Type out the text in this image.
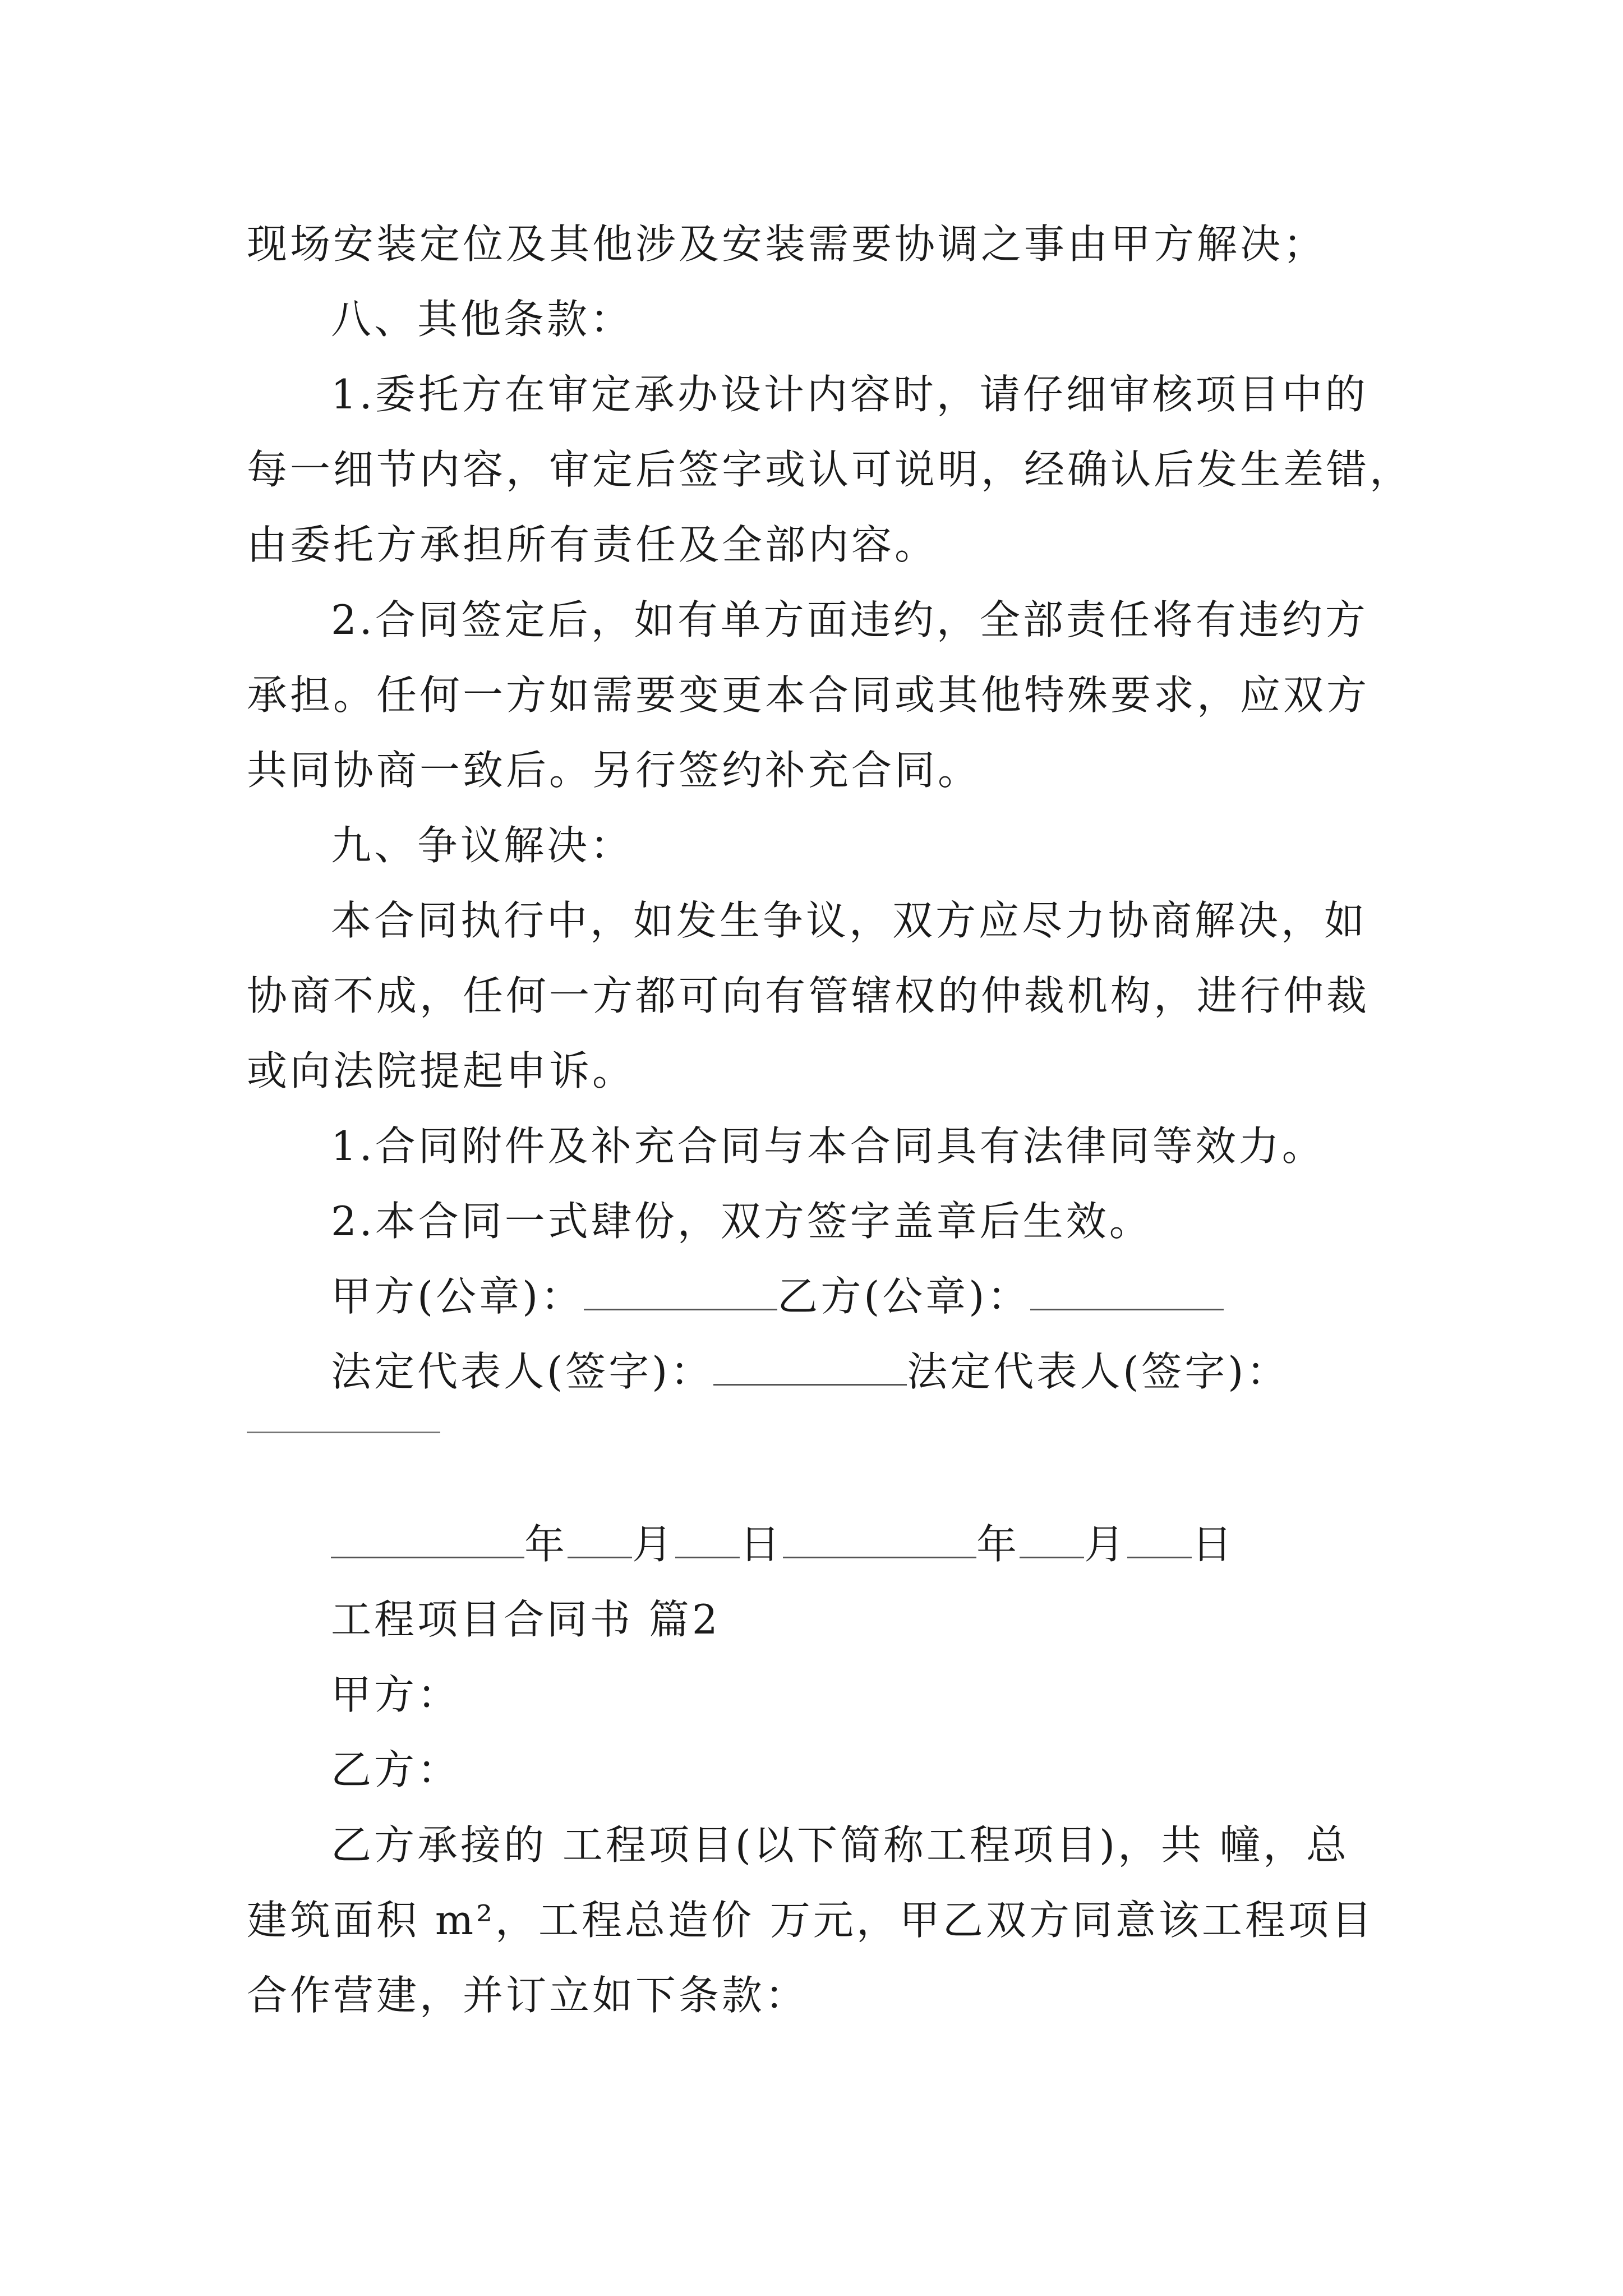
现场安装定位及其他涉及安装需要协调之事由甲方解决；
八、其他条款：
1.委托方在审定承办设计内容时，请仔细审核项目中的
每一细节内容，审定后签字或认可说明，经确认后发生差错，
由委托方承担所有责任及全部内容。
2.合同签定后，如有单方面违约，全部责任将有违约方
承担。任何一方如需要变更本合同或其他特殊要求，应双方
共同协商一致后。另行签约补充合同。
九、争议解决：
本合同执行中，如发生争议，双方应尽力协商解决，如
协商不成，任何一方都可向有管辖权的仲裁机构，进行仲裁
或向法院提起申诉。
1.合同附件及补充合同与本合同具有法律同等效力。
2.本合同一式肆份，双方签字盖章后生效。
甲方(公章)：	乙方(公章)：
法定代表人(签字)：	法定代表人(签字)：
年 月 日	年 月 日
工程项目合同书 篇2
甲方：
乙方：
乙方承接的 工程项目(以下简称工程项目)，共 幢，总
建筑面积 m²，工程总造价 万元，甲乙双方同意该工程项目
合作营建，并订立如下条款：
